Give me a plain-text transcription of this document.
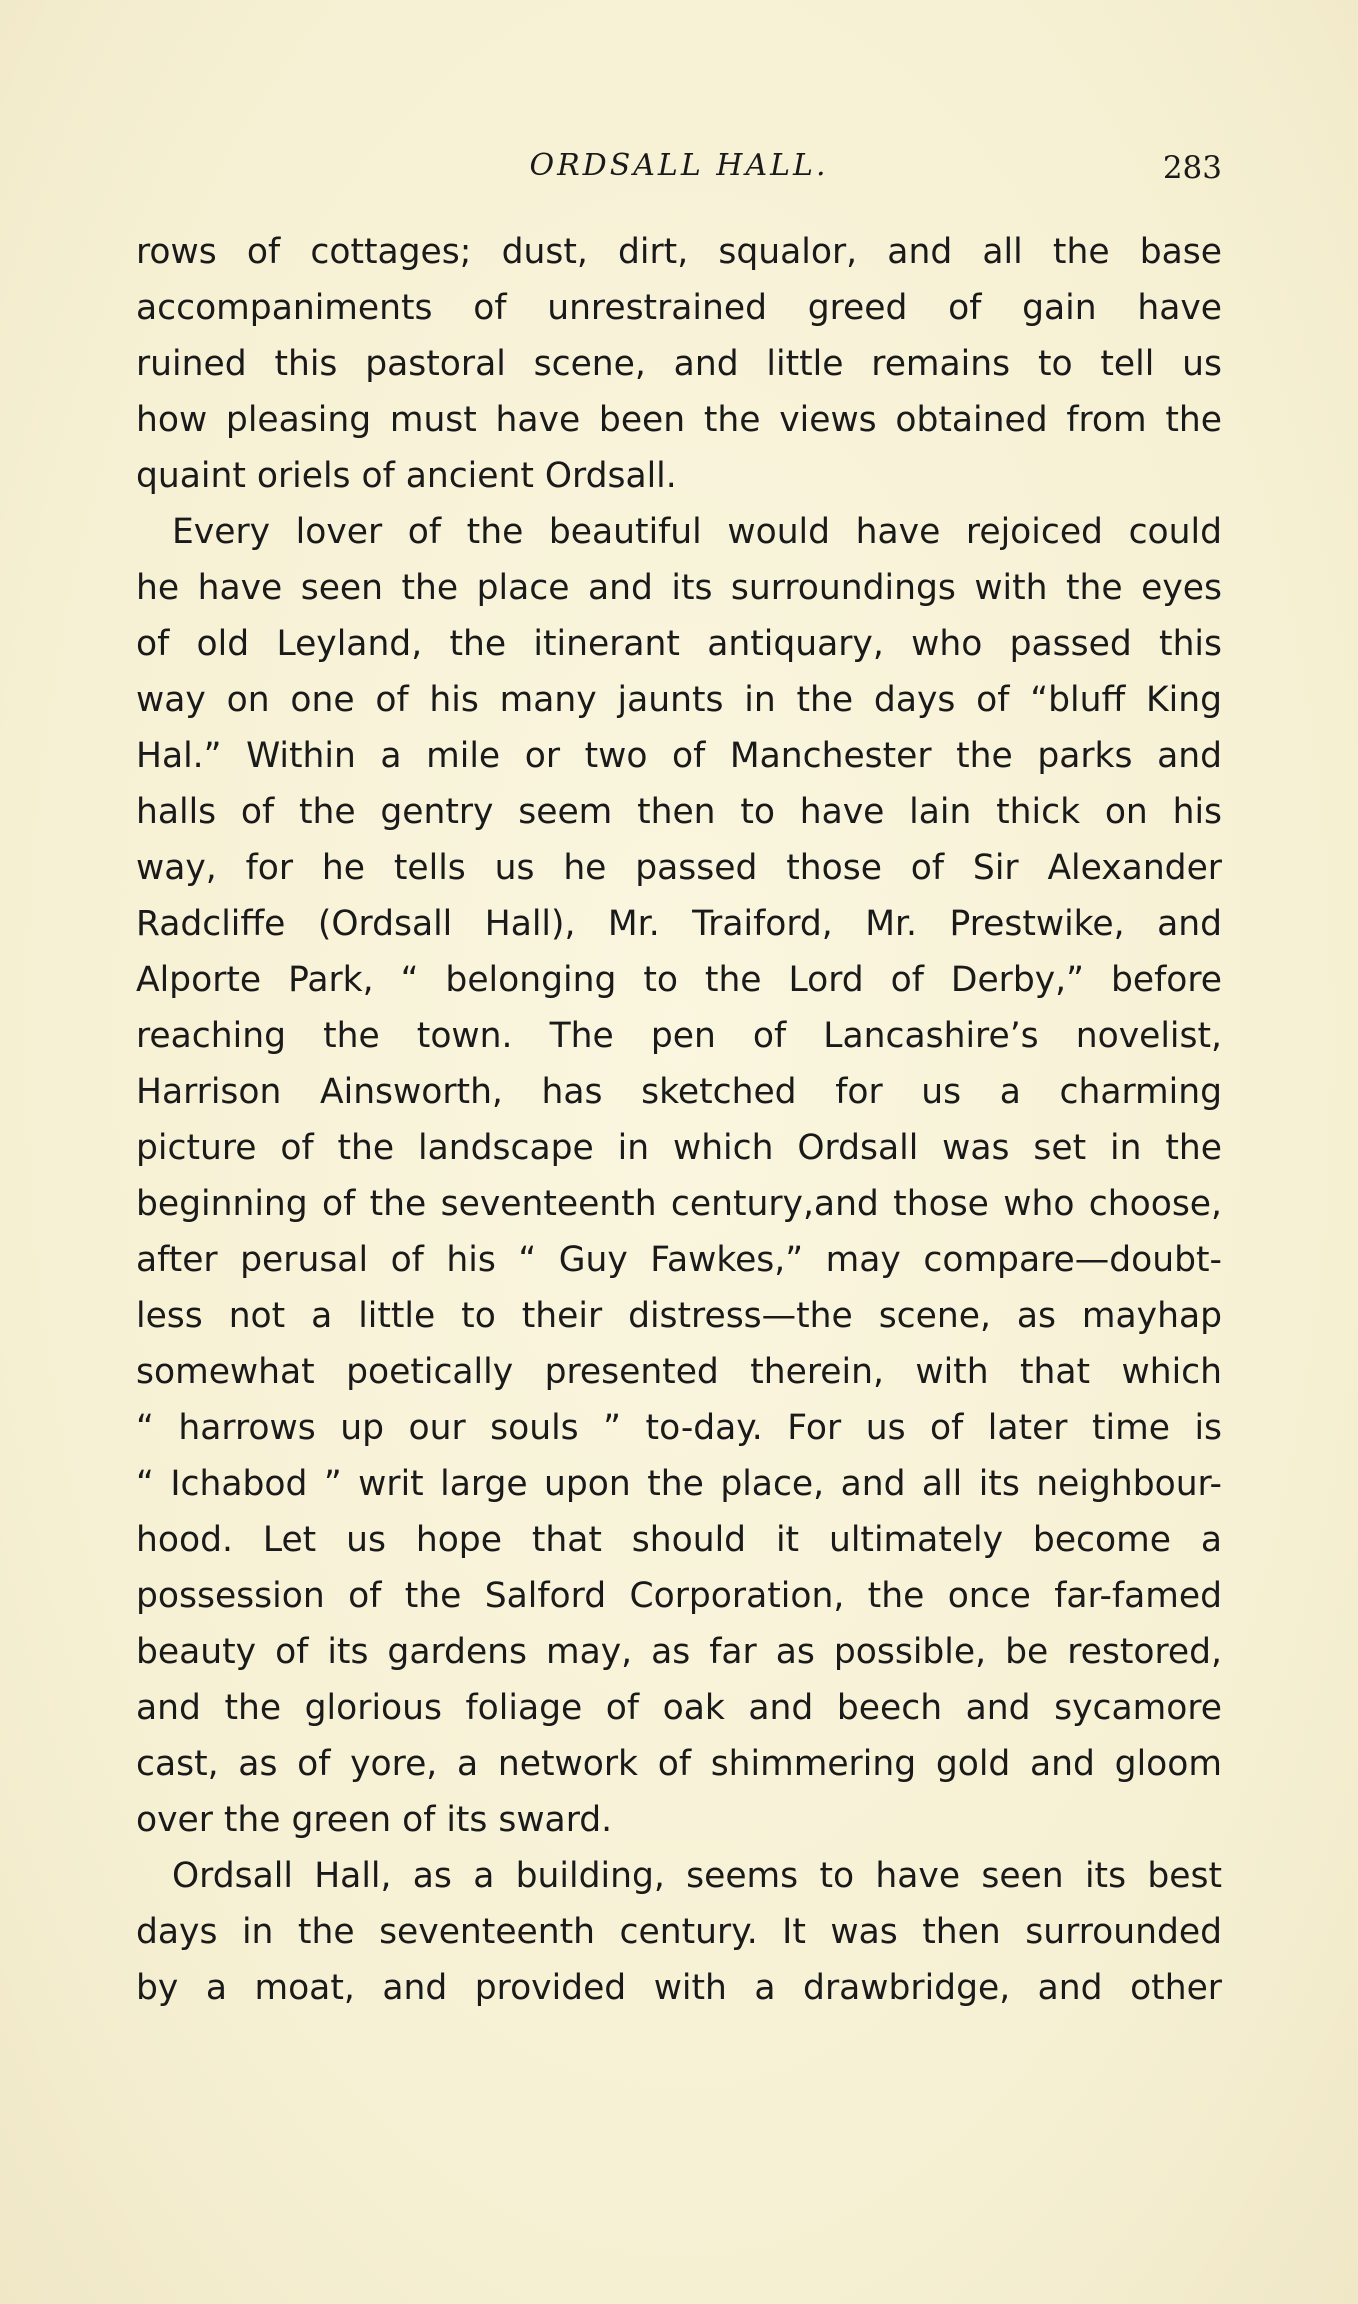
ORDSALL HALL.	283
rows of cottages; dust, dirt, squalor, and all the base
accompaniments of unrestrained greed of gain have
ruined this pastoral scene, and little remains to tell us
how pleasing must have been the views obtained from the
quaint oriels of ancient Ordsall.
Every lover of the beautiful would have rejoiced could
he have seen the place and its surroundings with the eyes
of old Leyland, the itinerant antiquary, who passed this
way on one of his many jaunts in the days of “bluff King
Hal.” Within a mile or two of Manchester the parks and
halls of the gentry seem then to have lain thick on his
way, for he tells us he passed those of Sir Alexander
Radcliffe (Ordsall Hall), Mr. Traiford, Mr. Prestwike, and
Alporte Park, “ belonging to the Lord of Derby,” before
reaching the town. The pen of Lancashire’s novelist,
Harrison Ainsworth, has sketched for us a charming
picture of the landscape in which Ordsall was set in the
beginning of the seventeenth century,and those who choose,
after perusal of his “ Guy Fawkes,” may compare—doubt-
less not a little to their distress—the scene, as mayhap
somewhat poetically presented therein, with that which
“ harrows up our souls ” to-day. For us of later time is
“ Ichabod ” writ large upon the place, and all its neighbour-
hood. Let us hope that should it ultimately become a
possession of the Salford Corporation, the once far-famed
beauty of its gardens may, as far as possible, be restored,
and the glorious foliage of oak and beech and sycamore
cast, as of yore, a network of shimmering gold and gloom
over the green of its sward.
Ordsall Hall, as a building, seems to have seen its best
days in the seventeenth century. It was then surrounded
by a moat, and provided with a drawbridge, and other
